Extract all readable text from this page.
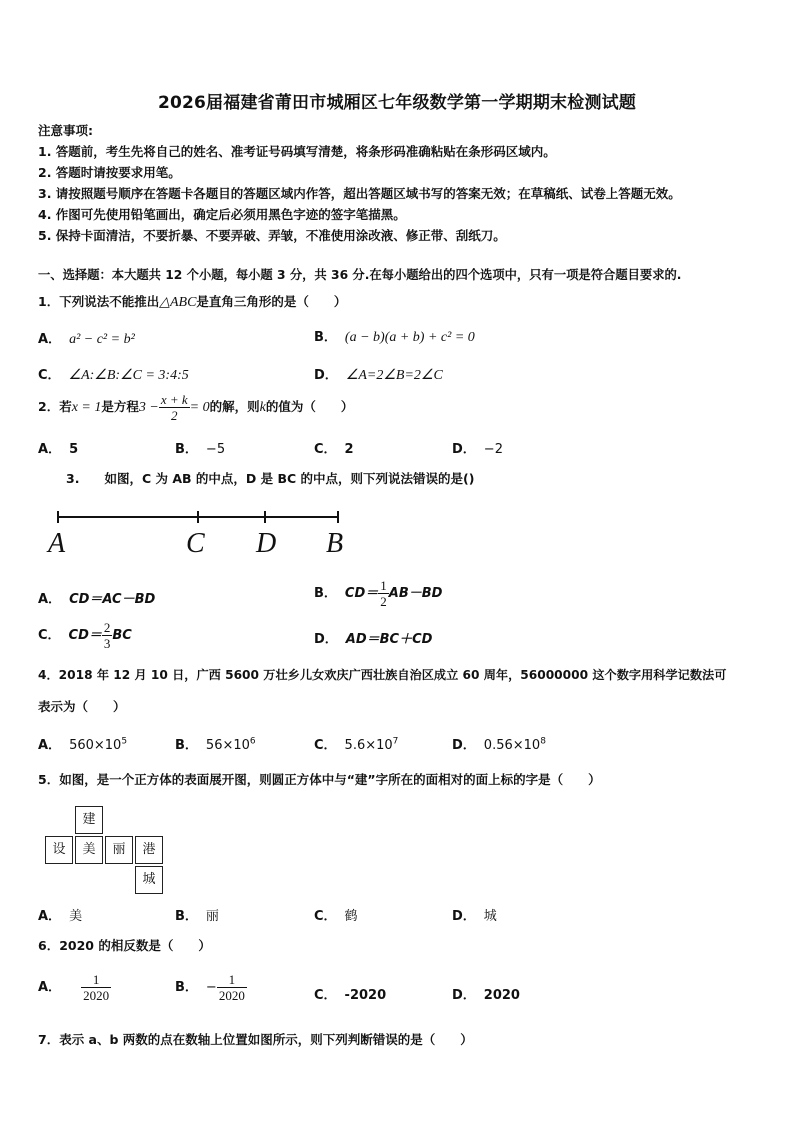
2026届福建省莆田市城厢区七年级数学第一学期期末检测试题
注意事项:
1. 答题前，考生先将自己的姓名、准考证号码填写清楚，将条形码准确粘贴在条形码区域内。
2. 答题时请按要求用笔。
3. 请按照题号顺序在答题卡各题目的答题区域内作答，超出答题区域书写的答案无效；在草稿纸、试卷上答题无效。
4. 作图可先使用铅笔画出，确定后必须用黑色字迹的签字笔描黑。
5. 保持卡面清洁，不要折暴、不要弄破、弄皱，不准使用涂改液、修正带、刮纸刀。
一、选择题：本大题共 12 个小题，每小题 3 分，共 36 分.在每小题给出的四个选项中，只有一项是符合题目要求的.
1．下列说法不能推出△ABC是直角三角形的是（　　）
A． a² − c² = b²	B． (a − b)(a + b) + c² = 0
C． ∠A:∠B:∠C = 3:4:5	D． ∠A=2∠B=2∠C
2．若x = 1是方程$3 - \frac{x + k}{2} = 0$的解，则k的值为（　　）
A． 5	B． −5	C． 2	D． −2
3.　　如图，C 为 AB 的中点，D 是 BC 的中点，则下列说法错误的是()
A	C D B
A． CD＝AC－BD	B． $CD= \frac{1}{2} AB-BD$
C． $CD= \frac{2}{3}$ BC	D． AD＝BC＋CD
4．2018 年 12 月 10 日，广西 5600 万壮乡儿女欢庆广西壮族自治区成立 60 周年，56000000 这个数字用科学记数法可
表示为（　　）
A． $560\times 10^5$	B． $56\times 10^6$	C． $5.6\times 10^7$	D． $0.56\times 10^8$
5．如图，是一个正方体的表面展开图，则圆正方体中与“建”字所在的面相对的面上标的字是（　　）
建
设	美	丽	港
城
A． 美	B． 丽	C． 鹤	D． 城
6．2020 的相反数是（　　）
A． $\frac{1}{2020}$	B． − $\frac{1}{2020}$	C． -2020	D． 2020
7．表示 a、b 两数的点在数轴上位置如图所示，则下列判断错误的是（　　）
